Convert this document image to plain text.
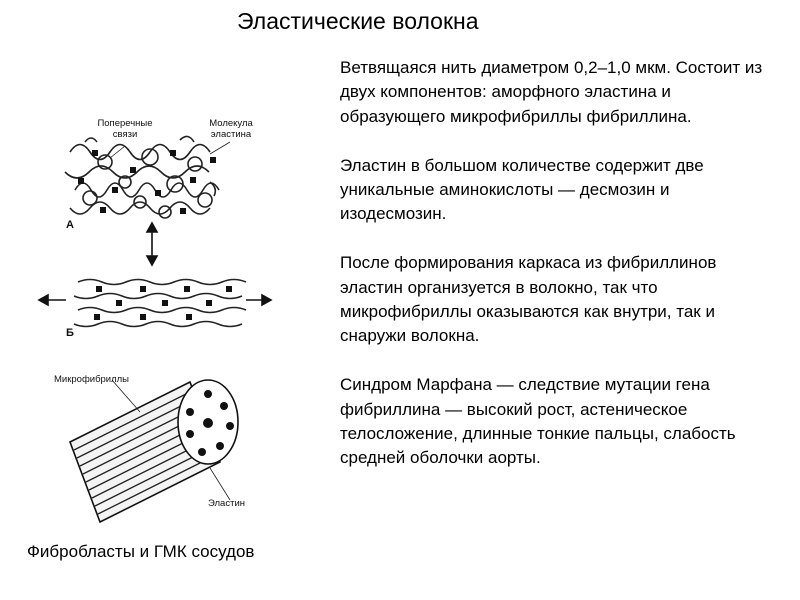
Эластические волокна

Ветвящаяся нить диаметром 0,2–1,0 мкм. Состоит из двух компонентов: аморфного эластина и образующего микрофибриллы фибриллина.

Эластин в большом количестве содержит две уникальные аминокислоты — десмозин и изодесмозин.

После формирования каркаса из фибриллинов эластин организуется в волокно, так что микрофибриллы оказываются как внутри, так и снаружи волокна.

Синдром Марфана — следствие мутации гена фибриллина — высокий рост, астеническое телосложение, длинные тонкие пальцы, слабость средней оболочки аорты.

Поперечные связи
Молекула эластина
А
Б
Микрофибриллы
Эластин
Фибробласты и ГМК сосудов
